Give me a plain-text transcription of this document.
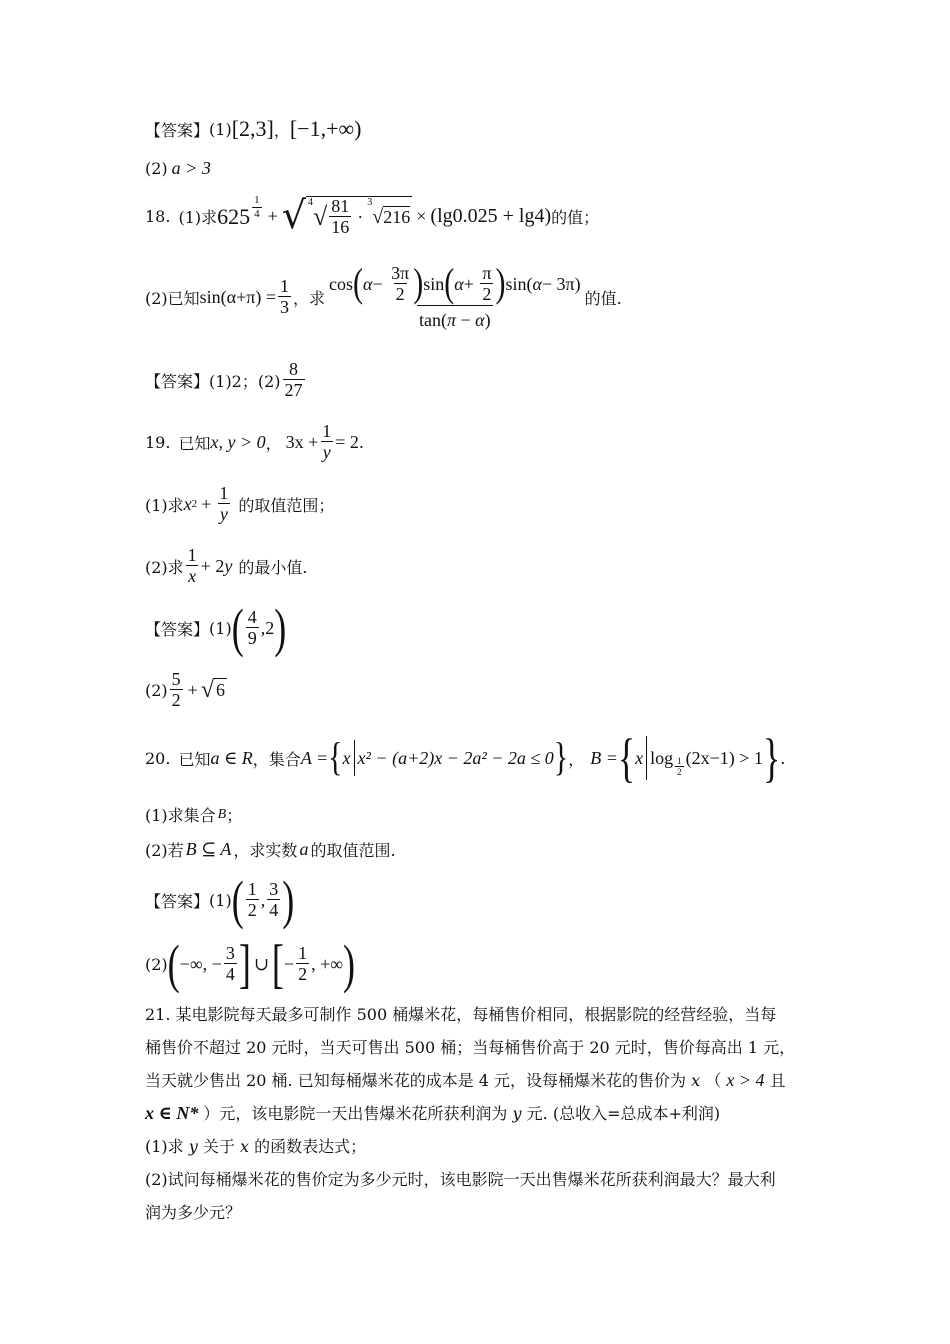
【答案】 (1) [2,3] ， [−1,+∞)
(2) a > 3
18. (1)求 $625 \frac{1}{4}$ + √ 4 √ $\frac{81}{16}$ ·
3
√ 216 × (lg0.025 + lg4) 的值；
(2)已知 $\sin(\alpha+\pi) = \frac{1}{3}$ ，求 $\frac{\cos ( \alpha - \frac{3\pi}{2} ) \sin ( \alpha + \frac{\pi}{2} ) \sin( \alpha - 3\pi)}{\tan(\pi - \alpha)}$ 的值.
【答案】 (1)2；$(2) \frac{8}{27}$
19. 已知 x, y > 0 ， $3x + \frac{1}{y} = 2$ .
(1)求 x $2 + \frac{1}{y}$ 的取值范围；
(2)求 $\frac{1}{x} + 2y$ 的最小值.
【答案】 (1) ( $\frac{4}{9} ,2$ )
$(2) \frac{5}{2}$ + √ 6
20. 已知 a ∈ R ，集合 A = { x x² − (a+2)x − 2a² − 2a ≤ 0 } ， B = { x $\log \frac{1}{2} (2x-1) > 1$ } .
(1)求集合 B ；
(2)若 B ⊆ A ，求实数 a 的取值范围.
【答案】 (1) ( $\frac{1}{2}$ , $\frac{3}{4}$ )
(2) ( −∞, − $\frac{3}{4}$ ] ∪ [ − $\frac{1}{2}$ , +∞ )
21. 某电影院每天最多可制作 500 桶爆米花，每桶售价相同，根据影院的经营经验，当每
桶售价不超过 20 元时，当天可售出 500 桶；当每桶售价高于 20 元时，售价每高出 1 元，
当天就少售出 20 桶. 已知每桶爆米花的成本是 4 元，设每桶爆米花的售价为 x （ x > 4 且
x ∈ N* ）元，该电影院一天出售爆米花所获利润为 y 元. (总收入=总成本+利润)
(1)求 y 关于 x 的函数表达式；
(2)试问每桶爆米花的售价定为多少元时，该电影院一天出售爆米花所获利润最大？最大利
润为多少元？
